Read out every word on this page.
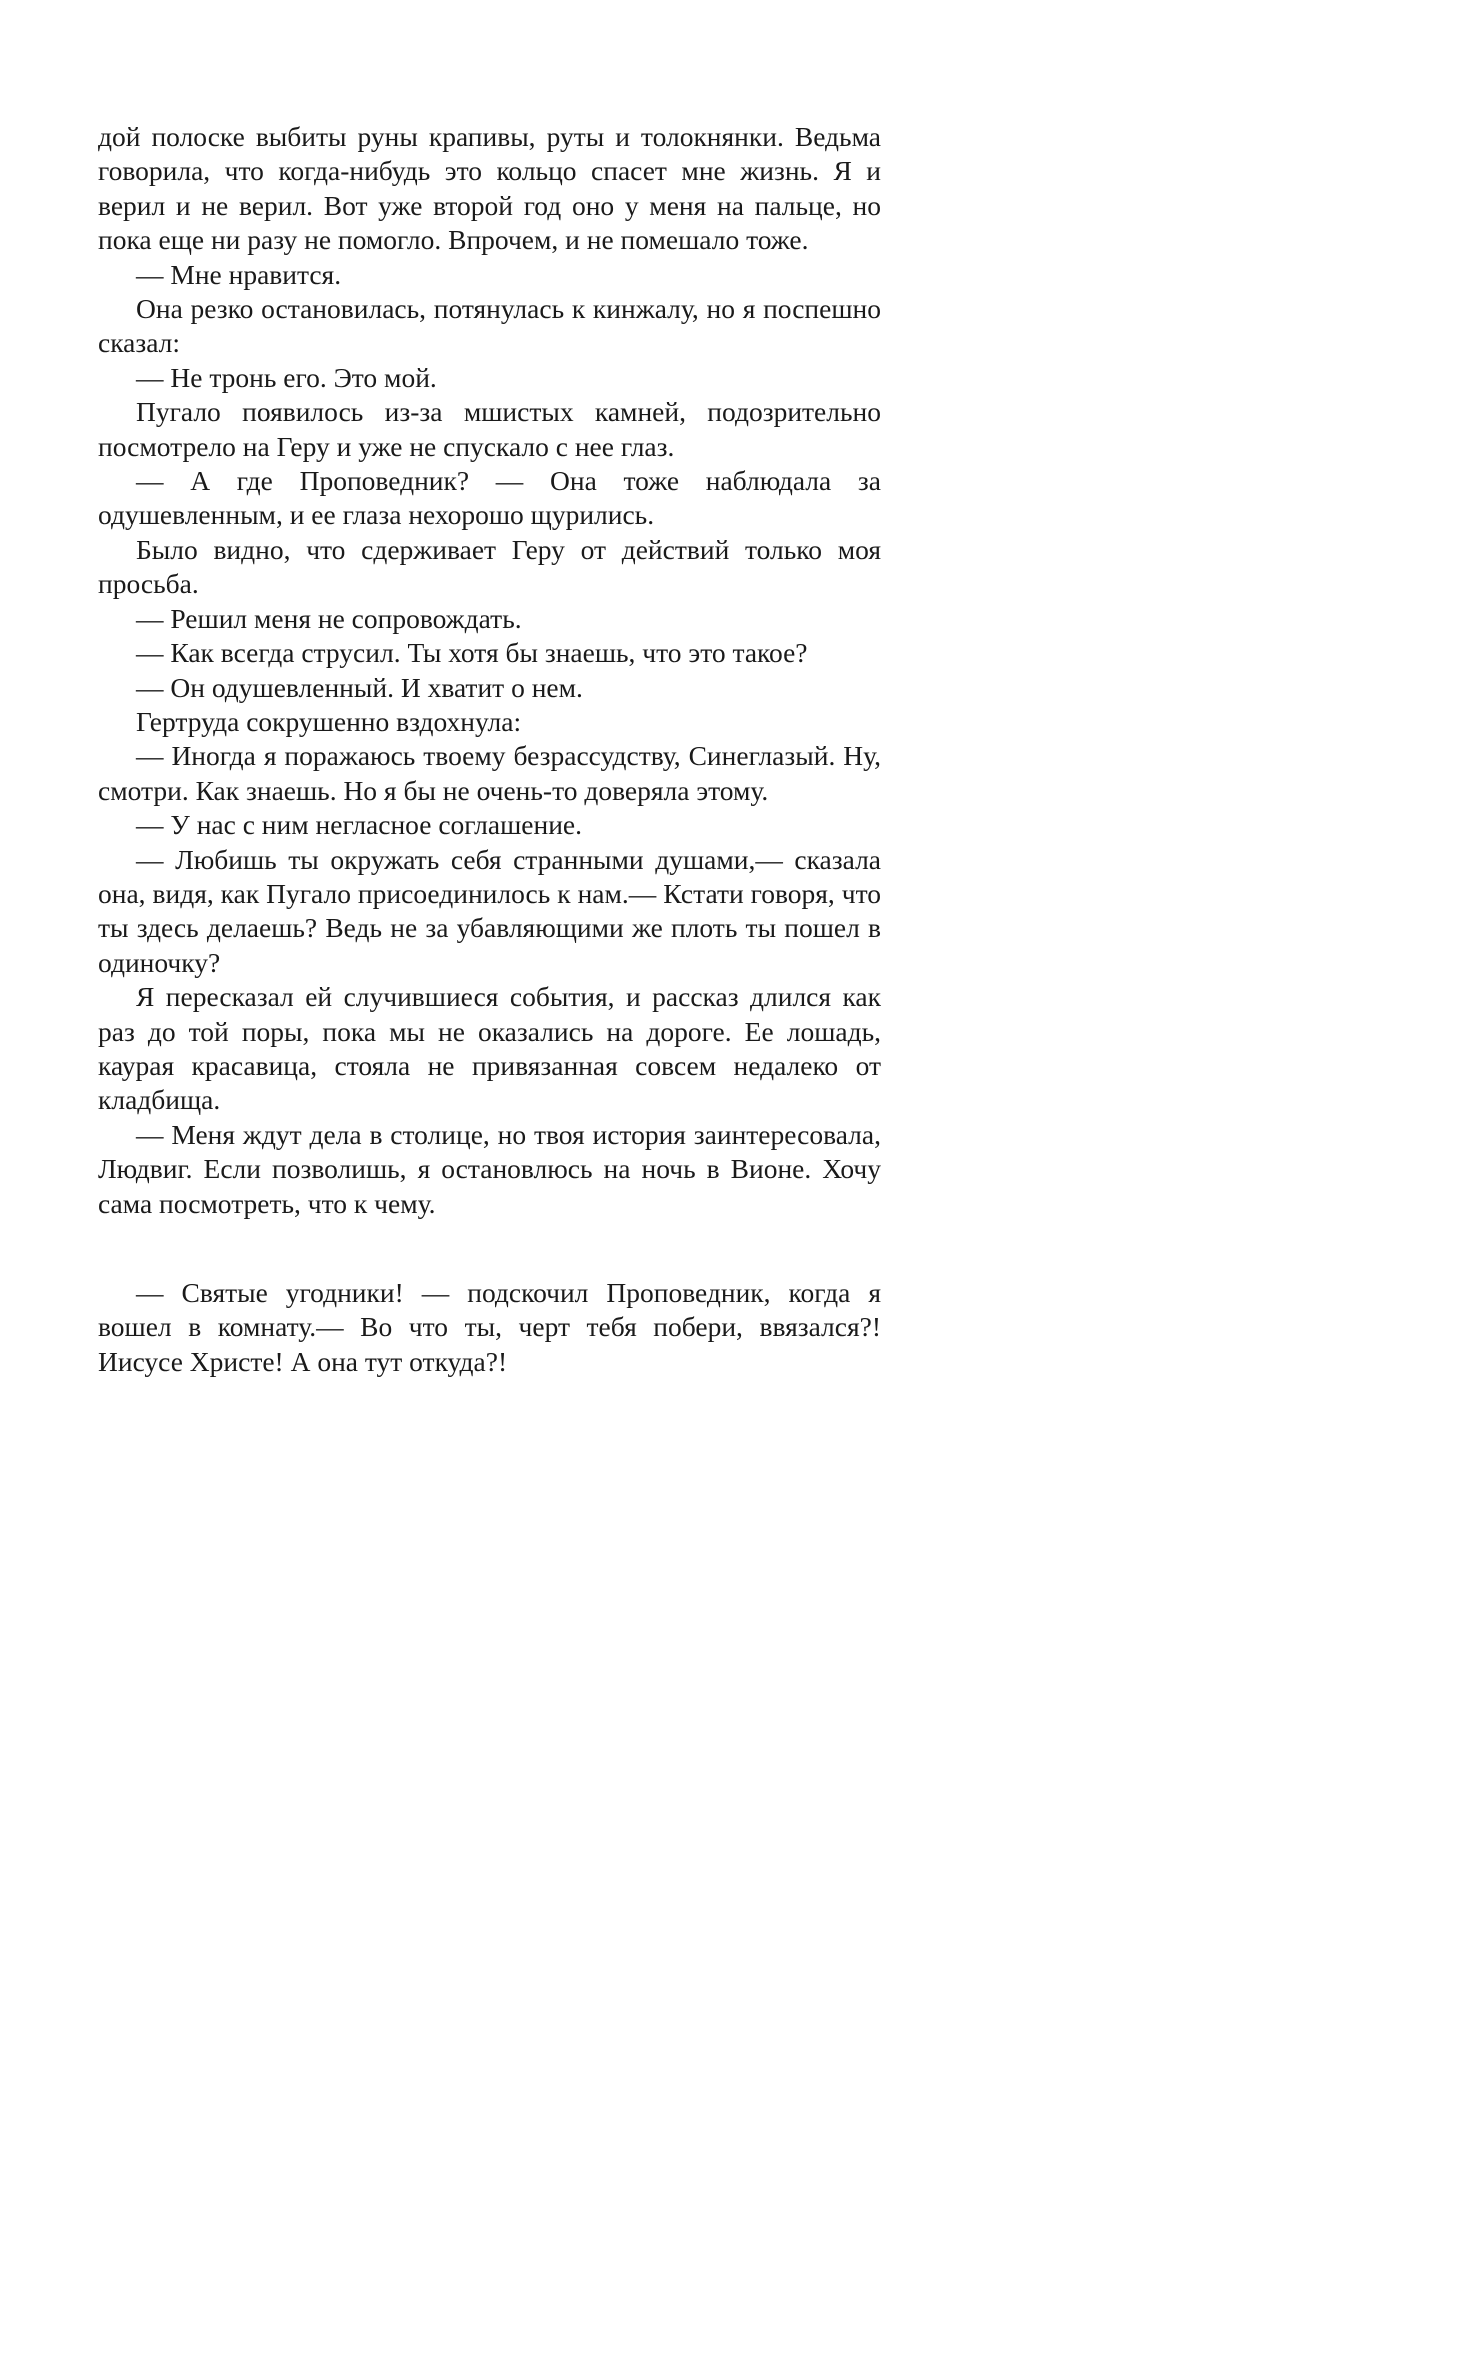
дой полоске выбиты руны крапивы, руты и толокнянки. Ведьма говорила, что когда-нибудь это кольцо спасет мне жизнь. Я и верил и не верил. Вот уже второй год оно у меня на пальце, но пока еще ни разу не помогло. Впрочем, и не помешало тоже.

— Мне нравится.

Она резко остановилась, потянулась к кинжалу, но я поспешно сказал:

— Не тронь его. Это мой.

Пугало появилось из-за мшистых камней, подозрительно посмотрело на Геру и уже не спускало с нее глаз.

— А где Проповедник? — Она тоже наблюдала за одушевленным, и ее глаза нехорошо щурились.

Было видно, что сдерживает Геру от действий только моя просьба.

— Решил меня не сопровождать.

— Как всегда струсил. Ты хотя бы знаешь, что это такое?

— Он одушевленный. И хватит о нем.

Гертруда сокрушенно вздохнула:

— Иногда я поражаюсь твоему безрассудству, Синеглазый. Ну, смотри. Как знаешь. Но я бы не очень-то доверяла этому.

— У нас с ним негласное соглашение.

— Любишь ты окружать себя странными душами,— сказала она, видя, как Пугало присоединилось к нам.— Кстати говоря, что ты здесь делаешь? Ведь не за убавляющими же плоть ты пошел в одиночку?

Я пересказал ей случившиеся события, и рассказ длился как раз до той поры, пока мы не оказались на дороге. Ее лошадь, каурая красавица, стояла не привязанная совсем недалеко от кладбища.

— Меня ждут дела в столице, но твоя история заинтересовала, Людвиг. Если позволишь, я остановлюсь на ночь в Вионе. Хочу сама посмотреть, что к чему.

— Святые угодники! — подскочил Проповедник, когда я вошел в комнату.— Во что ты, черт тебя побери, ввязался?! Иисусе Христе! А она тут откуда?!
